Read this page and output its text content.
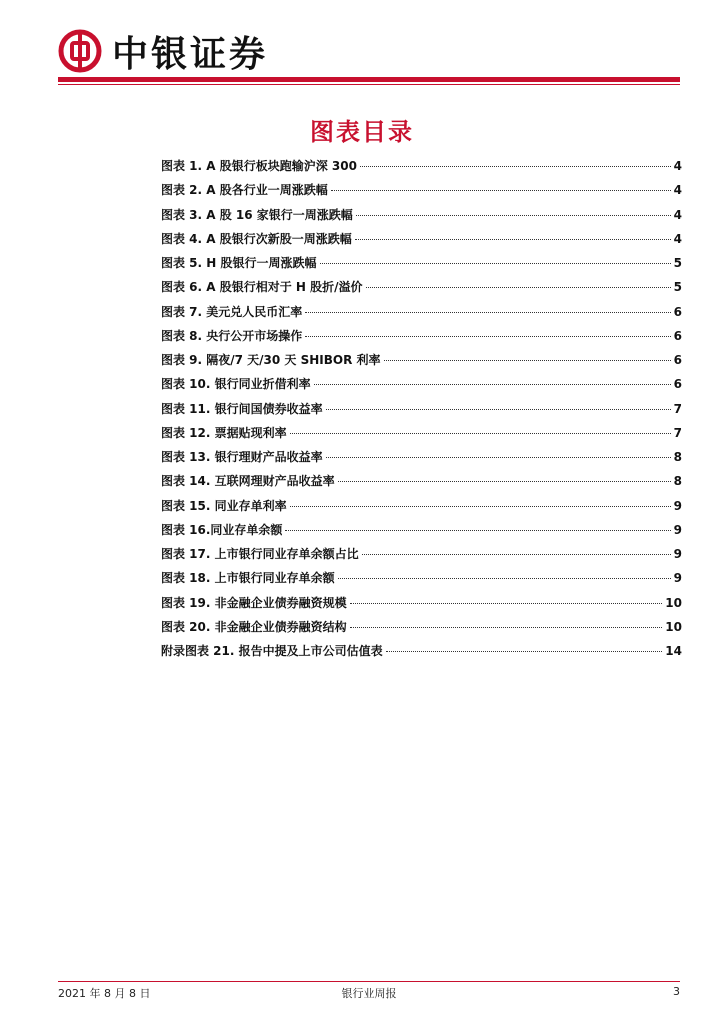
中银证券
图表目录
图表 1. A 股银行板块跑输沪深 300	4
图表 2. A 股各行业一周涨跌幅	4
图表 3. A 股 16 家银行一周涨跌幅	4
图表 4. A 股银行次新股一周涨跌幅	4
图表 5. H 股银行一周涨跌幅	5
图表 6. A 股银行相对于 H 股折/溢价	5
图表 7. 美元兑人民币汇率	6
图表 8. 央行公开市场操作	6
图表 9. 隔夜/7 天/30 天 SHIBOR 利率	6
图表 10. 银行同业折借利率	6
图表 11. 银行间国债券收益率	7
图表 12. 票据贴现利率	7
图表 13. 银行理财产品收益率	8
图表 14. 互联网理财产品收益率	8
图表 15. 同业存单利率	9
图表 16.同业存单余额	9
图表 17. 上市银行同业存单余额占比	9
图表 18. 上市银行同业存单余额	9
图表 19. 非金融企业债券融资规模	10
图表 20. 非金融企业债券融资结构	10
附录图表 21. 报告中提及上市公司估值表	14
2021 年 8 月 8 日	银行业周报	3
